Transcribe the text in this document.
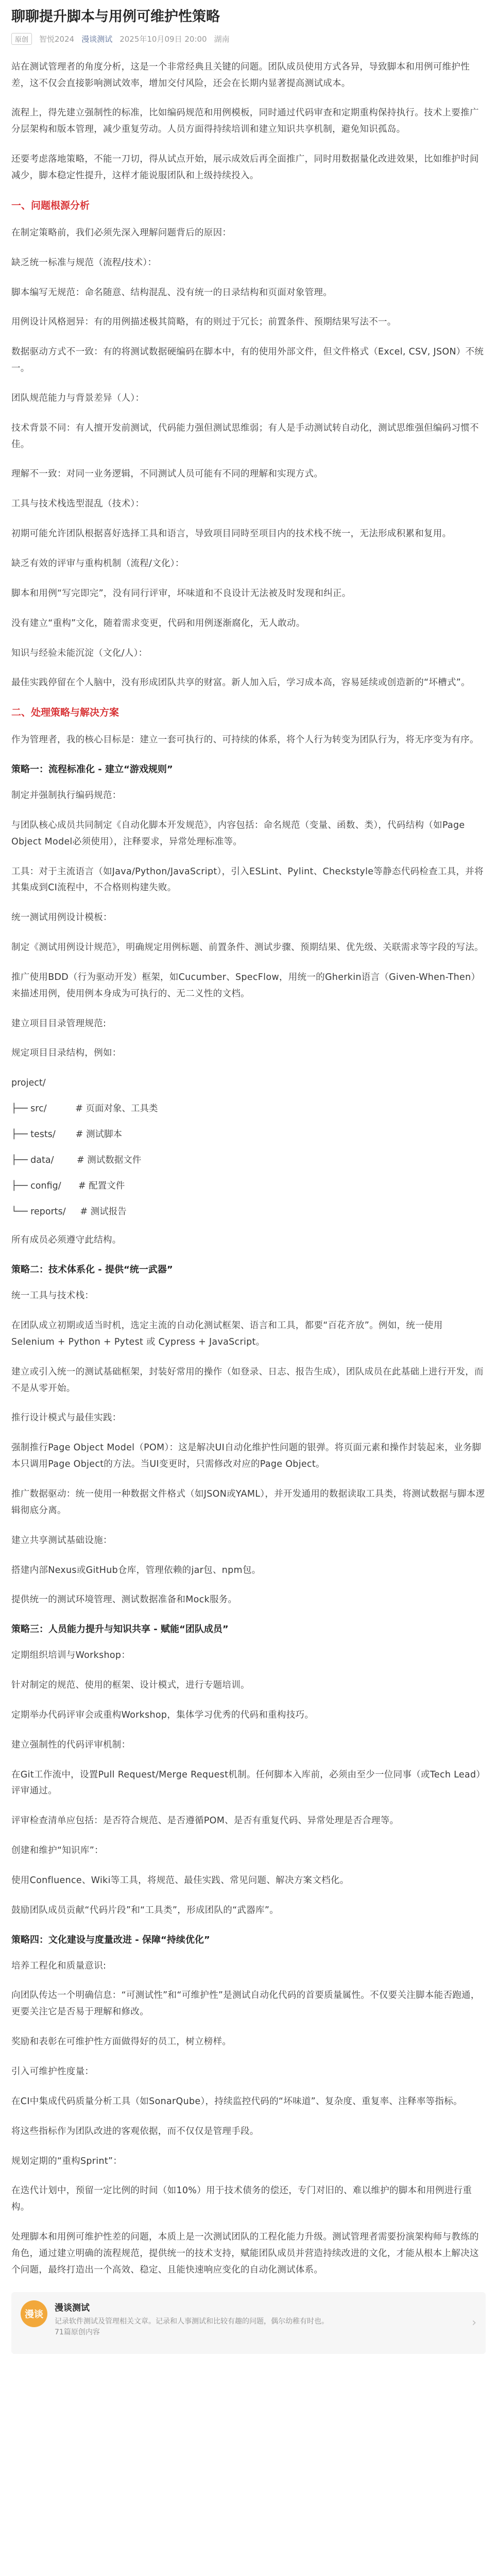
聊聊提升脚本与用例可维护性策略
原创	智悦2024 漫谈测试 2025年10月09日 20:00 湖南

站在测试管理者的角度分析，这是一个非常经典且关键的问题。团队成员使用方式各异，导致脚本和用例可维护性差，这不仅会直接影响测试效率，增加交付风险，还会在长期内显著提高测试成本。

流程上，得先建立强制性的标准，比如编码规范和用例模板，同时通过代码审查和定期重构保持执行。技术上要推广分层架构和版本管理，减少重复劳动。人员方面得持续培训和建立知识共享机制，避免知识孤岛。

还要考虑落地策略，不能一刀切，得从试点开始，展示成效后再全面推广，同时用数据量化改进效果，比如维护时间减少，脚本稳定性提升，这样才能说服团队和上级持续投入。

一、问题根源分析

在制定策略前，我们必须先深入理解问题背后的原因：

缺乏统一标准与规范（流程/技术）：

脚本编写无规范：命名随意、结构混乱、没有统一的日录结构和页面对象管理。

用例设计风格迥异：有的用例描述极其简略，有的则过于冗长；前置条件、预期结果写法不一。

数据驱动方式不一致：有的将测试数据硬编码在脚本中，有的使用外部文件，但文件格式（Excel, CSV, JSON）不统一。

团队规范能力与背景差异（人）：

技术背景不同：有人擅开发前测试，代码能力强但测试思维弱；有人是手动测试转自动化，测试思维强但编码习惯不佳。

理解不一致：对同一业务逻辑，不同测试人员可能有不同的理解和实现方式。

工具与技术栈选型混乱（技术）：

初期可能允许团队根据喜好选择工具和语言，导致项目同時至项目内的技术栈不统一，无法形成积累和复用。

缺乏有效的评审与重构机制（流程/文化）：

脚本和用例“写完即完”，没有同行评审，坏味道和不良设计无法被及时发现和纠正。

没有建立“重构”文化，随着需求变更，代码和用例逐渐腐化，无人敢动。

知识与经验未能沉淀（文化/人）：

最佳实践停留在个人脑中，没有形成团队共享的财富。新人加入后，学习成本高，容易延续或创造新的“坏槽式”。

二、处理策略与解决方案

作为管理者，我的核心目标是：建立一套可执行的、可持续的体系，将个人行为转变为团队行为，将无序变为有序。

策略一：流程标准化 - 建立“游戏规则”

制定并强制执行编码规范：

与团队核心成员共同制定《自动化脚本开发规范》，内容包括：命名规范（变量、函数、类），代码结构（如Page Object Model必须使用），注释要求，异常处理标准等。

工具：对于主流语言（如Java/Python/JavaScript），引入ESLint、Pylint、Checkstyle等静态代码检查工具，并将其集成到CI流程中，不合格则构建失败。

统一测试用例设计模板：

制定《测试用例设计规范》，明确规定用例标题、前置条件、测试步骤、预期结果、优先级、关联需求等字段的写法。

推广使用BDD（行为驱动开发）框架，如Cucumber、SpecFlow，用统一的Gherkin语言（Given-When-Then）来描述用例，使用例本身成为可执行的、无二义性的文档。

建立项目目录管理规范:

规定项目目录结构，例如：

project/
├── src/	# 页面对象、工具类
├── tests/ # 测试脚本
├── data/	# 测试数据文件
├── config/ # 配置文件
└── reports/ # 测试报告

所有成员必须遵守此结构。

策略二：技术体系化 - 提供“统一武器”

统一工具与技术栈：

在团队成立初期或适当时机，选定主流的自动化测试框架、语言和工具，都要“百花齐放”。例如，统一使用Selenium + Python + Pytest 或 Cypress + JavaScript。

建立或引入统一的测试基础框架，封装好常用的操作（如登录、日志、报告生成），团队成员在此基础上进行开发，而不是从零开始。

推行设计模式与最佳实践：

强制推行Page Object Model（POM）：这是解决UI自动化维护性问题的银弹。将页面元素和操作封装起来，业务脚本只调用Page Object的方法。当UI变更时，只需修改对应的Page Object。

推广数据驱动：统一使用一种数据文件格式（如JSON或YAML），并开发通用的数据读取工具类，将测试数据与脚本逻辑彻底分离。

建立共享测试基础设施：

搭建内部Nexus或GitHub仓库，管理依赖的jar包、npm包。

提供统一的测试环境管理、测试数据准备和Mock服务。

策略三：人员能力提升与知识共享 - 赋能“团队成员”

定期组织培训与Workshop：

针对制定的规范、使用的框架、设计模式，进行专题培训。

定期举办代码评审会或重构Workshop，集体学习优秀的代码和重构技巧。

建立强制性的代码评审机制：

在Git工作流中，设置Pull Request/Merge Request机制。任何脚本入库前，必须由至少一位同事（或Tech Lead）评审通过。

评审检查清单应包括：是否符合规范、是否遵循POM、是否有重复代码、异常处理是否合理等。

创建和维护“知识库”：

使用Confluence、Wiki等工具，将规范、最佳实践、常见问题、解决方案文档化。

鼓励团队成员贡献“代码片段”和“工具类”，形成团队的“武器库”。

策略四：文化建设与度量改进 - 保障“持续优化”

培养工程化和质量意识:

向团队传达一个明确信息：“可测试性”和“可维护性”是测试自动化代码的首要质量属性。不仅要关注脚本能否跑通，更要关注它是否易于理解和修改。

奖励和表彰在可维护性方面做得好的员工，树立榜样。

引入可维护性度量：

在CI中集成代码质量分析工具（如SonarQube），持续监控代码的“坏味道”、复杂度、重复率、注释率等指标。

将这些指标作为团队改进的客观依据，而不仅仅是管理手段。

规划定期的“重构Sprint”：

在迭代计划中，预留一定比例的时间（如10%）用于技术债务的偿还，专门对旧的、难以维护的脚本和用例进行重构。

处理脚本和用例可维护性差的问题，本质上是一次测试团队的工程化能力升级。测试管理者需要扮演架构师与教练的角色，通过建立明确的流程规范，提供统一的技术支持，赋能团队成员并营造持续改进的文化，才能从根本上解决这个问题，最终打造出一个高效、稳定、且能快速响应变化的自动化测试体系。

漫谈
漫谈测试
记录软件测试及管理相关文章。记录和人事测试和比较有趣的问题，偶尔幼稚有时也。
71篇原创内容
›
